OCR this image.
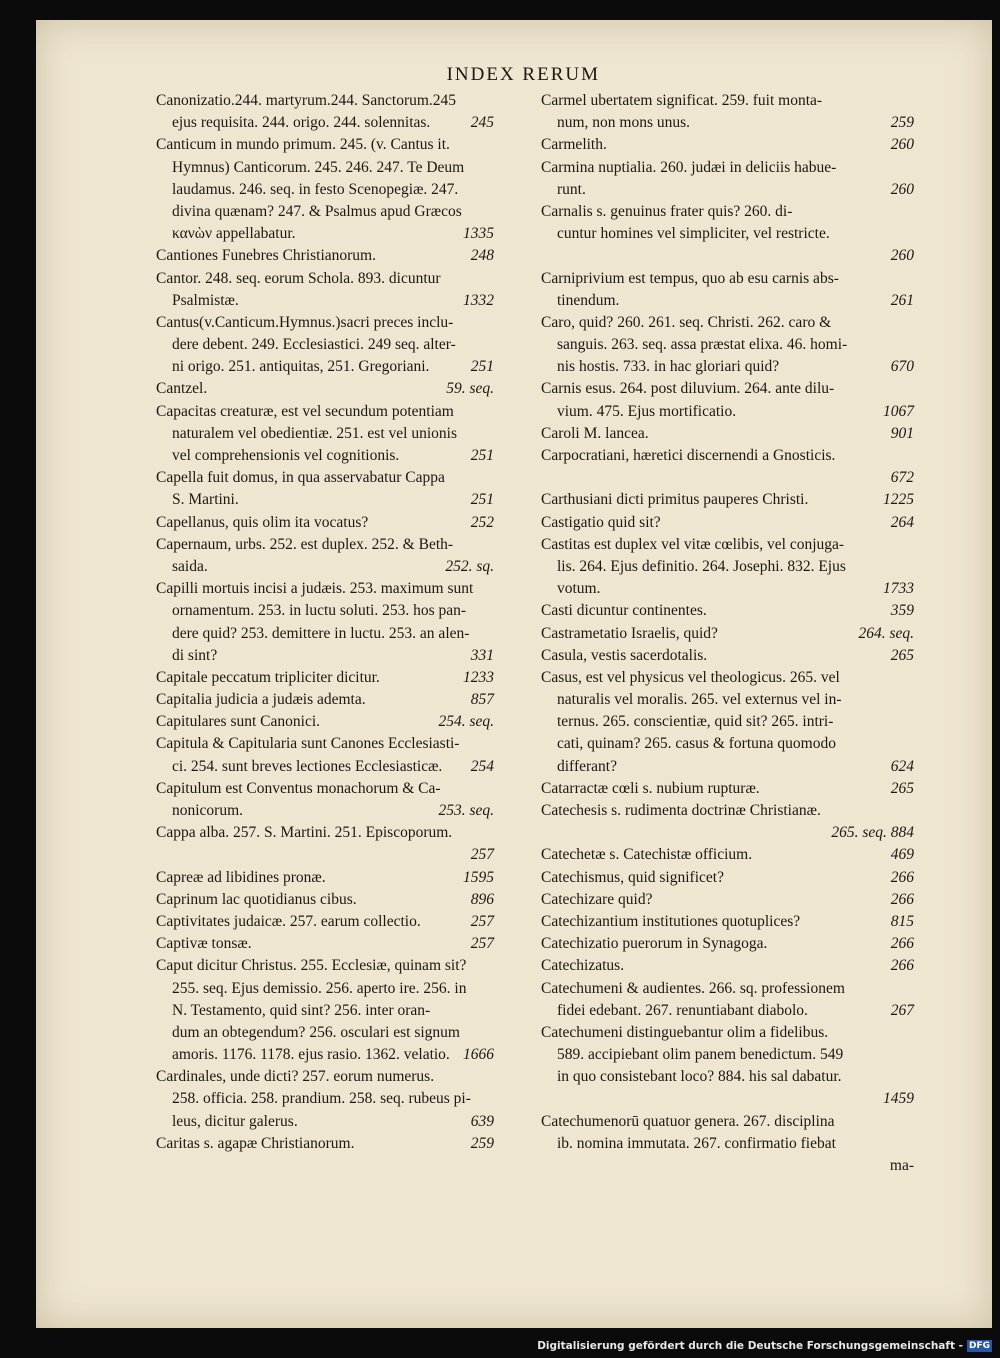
INDEX RERUM
Canonizatio.244. martyrum.244. Sanctorum.245
ejus requisita. 244. origo. 244. solennitas.	245
Canticum in mundo primum. 245. (v. Cantus it.
Hymnus) Canticorum. 245. 246. 247. Te Deum
laudamus. 246. seq. in festo Scenopegiæ. 247.
divina quænam? 247. & Psalmus apud Græcos
κανὼν appellabatur.	1335
Cantiones Funebres Christianorum.	248
Cantor. 248. seq. eorum Schola. 893. dicuntur
Psalmistæ.	1332
Cantus(v.Canticum.Hymnus.)sacri preces inclu-
dere debent. 249. Ecclesiastici. 249 seq. alter-
ni origo. 251. antiquitas, 251. Gregoriani.	251
Cantzel.	59. seq.
Capacitas creaturæ, est vel secundum potentiam
naturalem vel obedientiæ. 251. est vel unionis
vel comprehensionis vel cognitionis.	251
Capella fuit domus, in qua asservabatur Cappa
S. Martini.	251
Capellanus, quis olim ita vocatus?	252
Capernaum, urbs. 252. est duplex. 252. & Beth-
saida.	252. sq.
Capilli mortuis incisi a judæis. 253. maximum sunt
ornamentum. 253. in luctu soluti. 253. hos pan-
dere quid? 253. demittere in luctu. 253. an alen-
di sint?	331
Capitale peccatum tripliciter dicitur.	1233
Capitalia judicia a judæis ademta.	857
Capitulares sunt Canonici.	254. seq.
Capitula & Capitularia sunt Canones Ecclesiasti-
ci. 254. sunt breves lectiones Ecclesiasticæ.	254
Capitulum est Conventus monachorum & Ca-
nonicorum.	253. seq.
Cappa alba. 257. S. Martini. 251. Episcoporum.
257
Capreæ ad libidines pronæ.	1595
Caprinum lac quotidianus cibus.	896
Captivitates judaicæ. 257. earum collectio.	257
Captivæ tonsæ.	257
Caput dicitur Christus. 255. Ecclesiæ, quinam sit?
255. seq. Ejus demissio. 256. aperto ire. 256. in
N. Testamento, quid sint? 256. inter oran-
dum an obtegendum? 256. osculari est signum
amoris. 1176. 1178. ejus rasio. 1362. velatio. 1666
Cardinales, unde dicti? 257. eorum numerus.
258. officia. 258. prandium. 258. seq. rubeus pi-
leus, dicitur galerus.	639
Caritas s. agapæ Christianorum.	259
Carmel ubertatem significat. 259. fuit monta-
num, non mons unus.	259
Carmelith.	260
Carmina nuptialia. 260. judæi in deliciis habue-
runt.	260
Carnalis s. genuinus frater quis? 260. di-
cuntur homines vel simpliciter, vel restricte.
260
Carniprivium est tempus, quo ab esu carnis abs-
tinendum.	261
Caro, quid? 260. 261. seq. Christi. 262. caro &
sanguis. 263. seq. assa præstat elixa. 46. homi-
nis hostis. 733. in hac gloriari quid?	670
Carnis esus. 264. post diluvium. 264. ante dilu-
vium. 475. Ejus mortificatio.	1067
Caroli M. lancea.	901
Carpocratiani, hæretici discernendi a Gnosticis.
672
Carthusiani dicti primitus pauperes Christi.	1225
Castigatio quid sit?	264
Castitas est duplex vel vitæ cœlibis, vel conjuga-
lis. 264. Ejus definitio. 264. Josephi. 832. Ejus
votum.	1733
Casti dicuntur continentes.	359
Castrametatio Israelis, quid?	264. seq.
Casula, vestis sacerdotalis.	265
Casus, est vel physicus vel theologicus. 265. vel
naturalis vel moralis. 265. vel externus vel in-
ternus. 265. conscientiæ, quid sit? 265. intri-
cati, quinam? 265. casus & fortuna quomodo
differant?	624
Catarractæ cœli s. nubium rupturæ.	265
Catechesis s. rudimenta doctrinæ Christianæ.
265. seq. 884
Catechetæ s. Catechistæ officium.	469
Catechismus, quid significet?	266
Catechizare quid?	266
Catechizantium institutiones quotuplices?	815
Catechizatio puerorum in Synagoga.	266
Catechizatus.	266
Catechumeni & audientes. 266. sq. professionem
fidei edebant. 267. renuntiabant diabolo.	267
Catechumeni distinguebantur olim a fidelibus.
589. accipiebant olim panem benedictum. 549
in quo consistebant loco? 884. his sal dabatur.
1459
Catechumenorū quatuor genera. 267. disciplina
ib. nomina immutata. 267. confirmatio fiebat
ma-
Digitalisierung gefördert durch die Deutsche Forschungsgemeinschaft - DFG
